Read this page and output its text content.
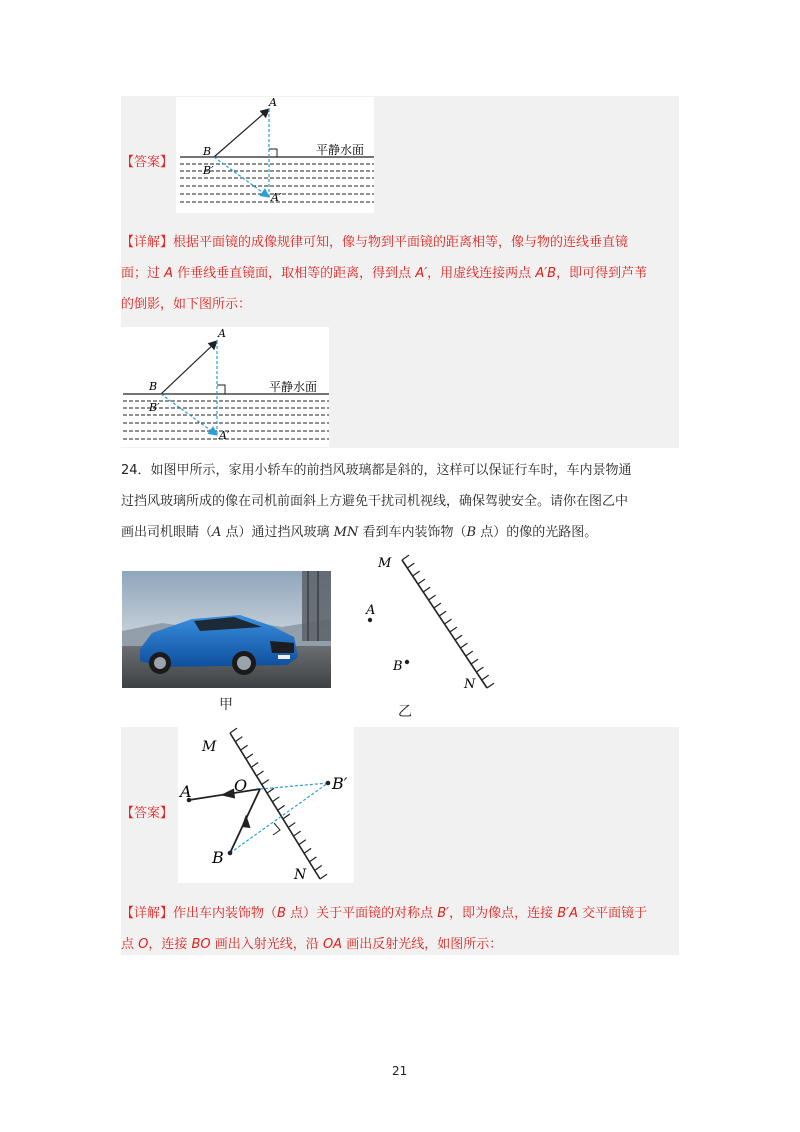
A
B
B′
A′
平静水面
【答案】
【详解】根据平面镜的成像规律可知，像与物到平面镜的距离相等，像与物的连线垂直镜
面；过 A 作垂线垂直镜面，取相等的距离，得到点 A′，用虚线连接两点 A′B，即可得到芦苇
的倒影，如下图所示：
A
B
B′
A′
平静水面
24．如图甲所示，家用小轿车的前挡风玻璃都是斜的，这样可以保证行车时，车内景物通
过挡风玻璃所成的像在司机前面斜上方避免干扰司机视线，确保驾驶安全。请你在图乙中
画出司机眼睛（A 点）通过挡风玻璃 MN 看到车内装饰物（B 点）的像的光路图。
甲
M
N
A
B
乙
M
N
A
B
O	B′
【答案】
【详解】作出车内装饰物（B 点）关于平面镜的对称点 B′，即为像点，连接 B′A 交平面镜于
点 O，连接 BO 画出入射光线，沿 OA 画出反射光线，如图所示：
21
